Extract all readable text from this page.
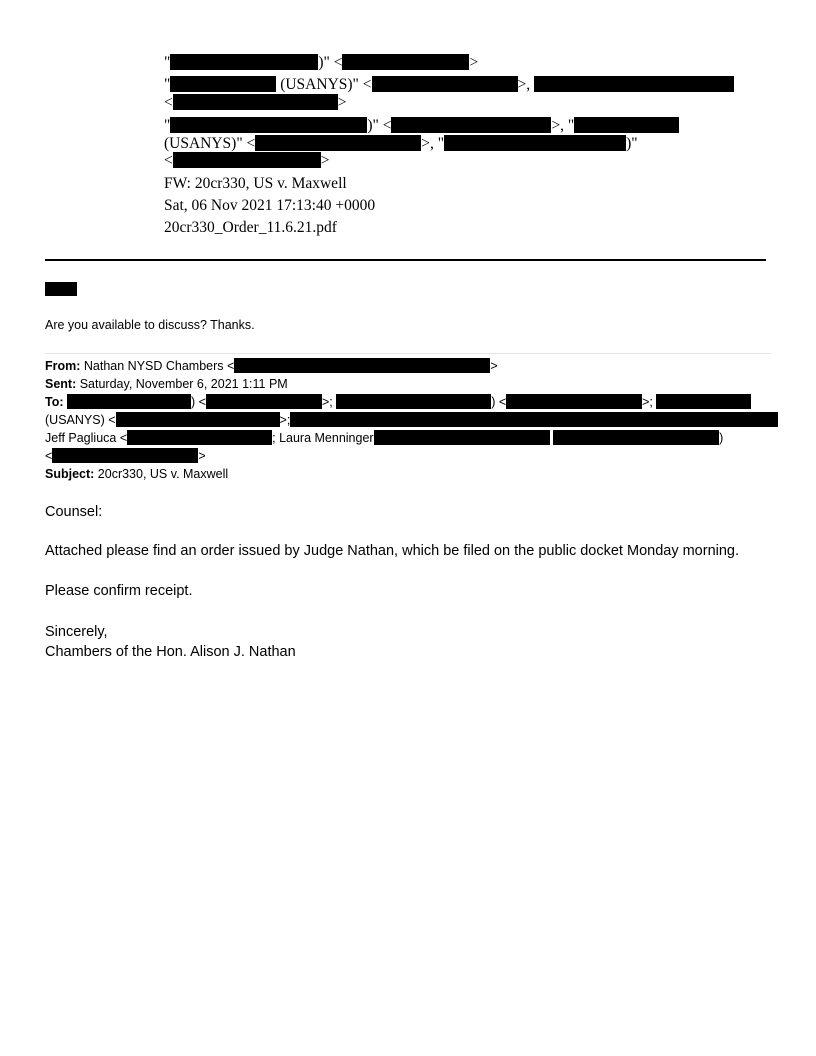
"	)" <	>
"	(USANYS)" <	>,
<	>
"	)" <	>, "
(USANYS)" <	>, "	)"
<	>
FW: 20cr330, US v. Maxwell
Sat, 06 Nov 2021 17:13:40 +0000
20cr330_Order_11.6.21.pdf
Are you available to discuss? Thanks.
From: Nathan NYSD Chambers <	>
Sent: Saturday, November 6, 2021 1:11 PM
To:	) <	>;	) <	>;
(USANYS) <	>;
Jeff Pagliuca <	; Laura Menninger	)
<	>
Subject: 20cr330, US v. Maxwell
Counsel:
Attached please find an order issued by Judge Nathan, which be filed on the public docket Monday morning.
Please confirm receipt.
Sincerely,
Chambers of the Hon. Alison J. Nathan
